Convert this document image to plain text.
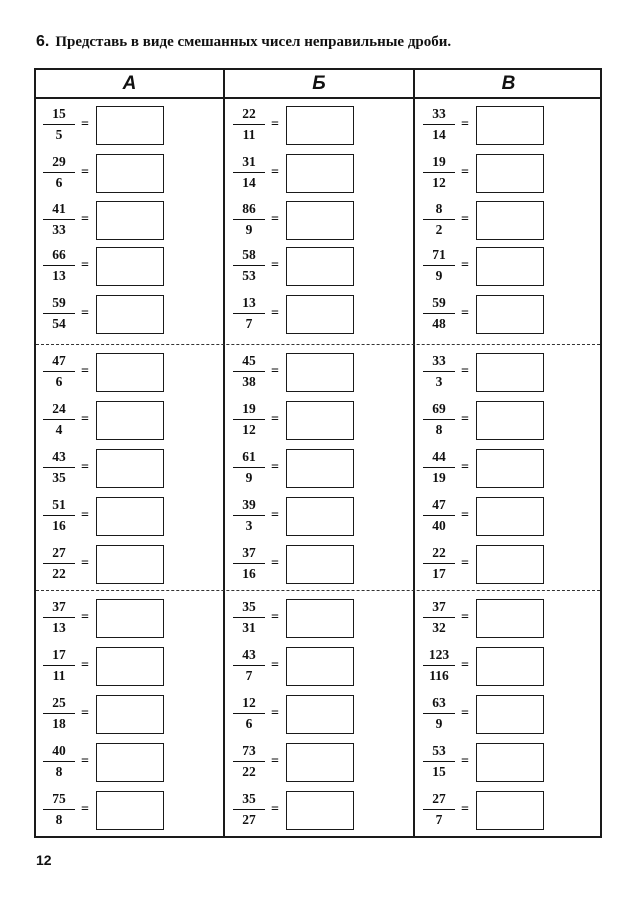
6. Представь в виде смешанных чисел неправильные дроби.
А	Б	В
15
5
=
29
6
=
41
33
=
66
13
=
59
54
=
47
6
=
24
4
=
43
35
=
51
16
=
27
22
=
37
13
=
17
11
=
25
18
=
40
8
=
75
8
=
22
11
=
31
14
=
86
9
=
58
53
=
13
7
=
45
38
=
19
12
=
61
9
=
39
3
=
37
16
=
35
31
=
43
7
=
12
6
=
73
22
=
35
27
=
33
14
=
19
12
=
8
2
=
71
9
=
59
48
=
33
3
=
69
8
=
44
19
=
47
40
=
22
17
=
37
32
=
123
116
=
63
9
=
53
15
=
27
7
=
12
